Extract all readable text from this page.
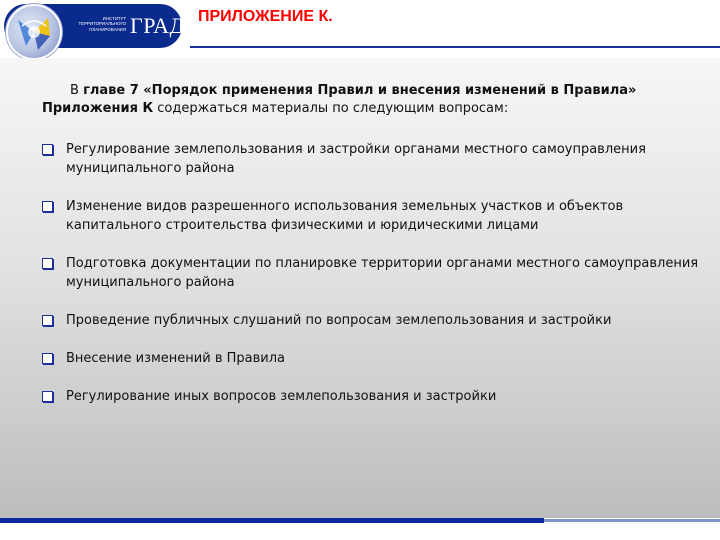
ИНСТИТУТ
ТЕРРИТОРИАЛЬНОГО
ПЛАНИРОВАНИЯ ГРАД ПРИЛОЖЕНИЕ К.
В главе 7 «Порядок применения Правил и внесения изменений в Правила» Приложения К содержаться материалы по следующим вопросам:
Регулирование землепользования и застройки органами местного самоуправления муниципального района
Изменение видов разрешенного использования земельных участков и объектов капитального строительства физическими и юридическими лицами
Подготовка документации по планировке территории органами местного самоуправления муниципального района
Проведение публичных слушаний по вопросам землепользования и застройки
Внесение изменений в Правила
Регулирование иных вопросов землепользования и застройки
